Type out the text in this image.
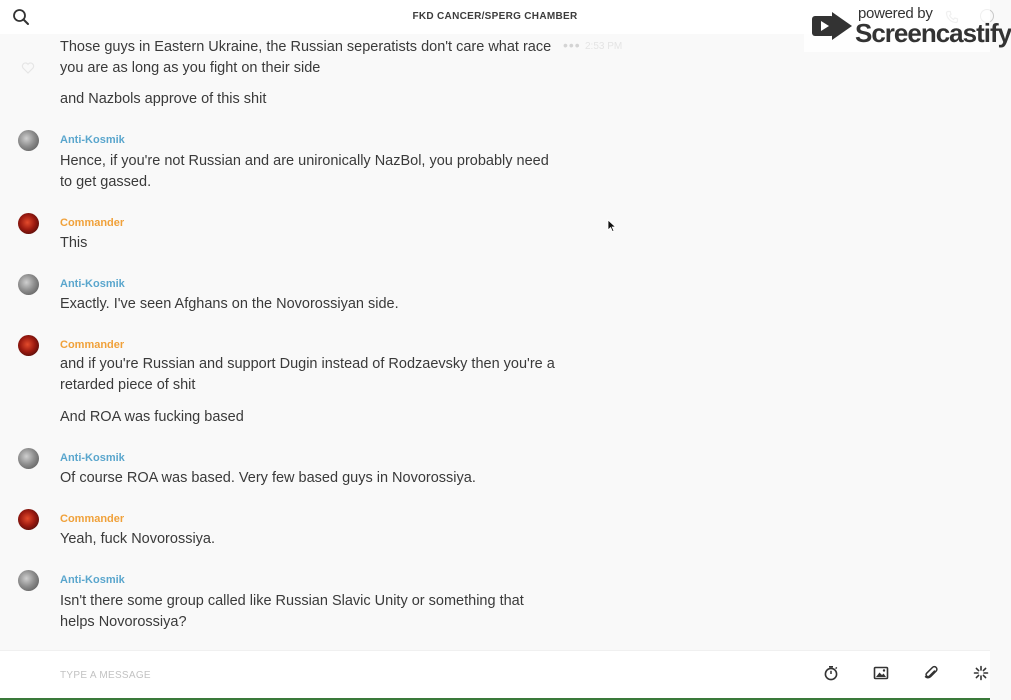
Those guys in Eastern Ukraine, the Russian seperatists don't care what race you are as long as you fight on their side
••• 2:53 PM
and Nazbols approve of this shit
Anti-Kosmik
Hence, if you're not Russian and are unironically NazBol, you probably need to get gassed.
Commander
This
Anti-Kosmik
Exactly. I've seen Afghans on the Novorossiyan side.
Commander
and if you're Russian and support Dugin instead of Rodzaevsky then you're a retarded piece of shit
And ROA was fucking based
Anti-Kosmik
Of course ROA was based. Very few based guys in Novorossiya.
Commander
Yeah, fuck Novorossiya.
Anti-Kosmik
Isn't there some group called like Russian Slavic Unity or something that helps Novorossiya?
FKD CANCER/SPERG CHAMBER	powered by
Screencastify
TYPE A MESSAGE
